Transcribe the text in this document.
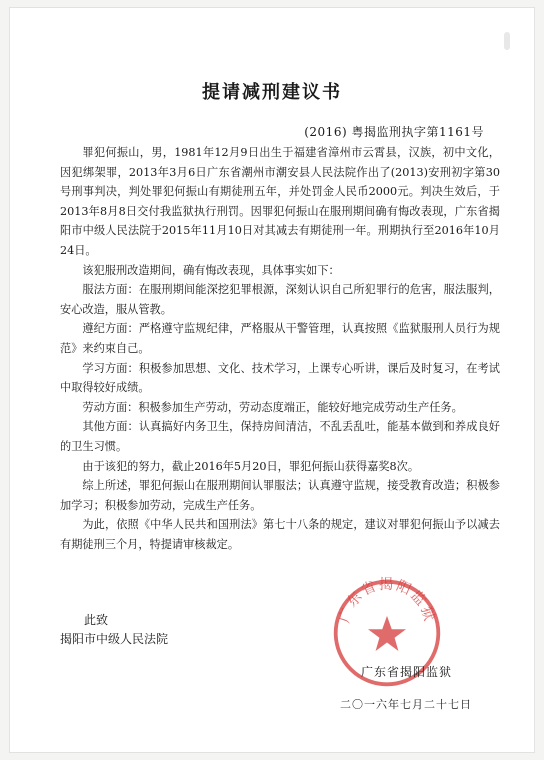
提请减刑建议书
(2016) 粤揭监刑执字第1161号

罪犯何振山，男，1981年12月9日出生于福建省漳州市云霄县，汉族，初中文化，因犯绑架罪，2013年3月6日广东省潮州市潮安县人民法院作出了(2013)安刑初字第30号刑事判决，判处罪犯何振山有期徒刑五年，并处罚金人民币2000元。判决生效后，于2013年8月8日交付我监狱执行刑罚。因罪犯何振山在服刑期间确有悔改表现，广东省揭阳市中级人民法院于2015年11月10日对其减去有期徒刑一年。刑期执行至2016年10月24日。

该犯服刑改造期间，确有悔改表现，具体事实如下：

服法方面：在服刑期间能深挖犯罪根源，深刻认识自己所犯罪行的危害，服法服判，安心改造，服从管教。

遵纪方面：严格遵守监规纪律，严格服从干警管理，认真按照《监狱服刑人员行为规范》来约束自己。

学习方面：积极参加思想、文化、技术学习，上课专心听讲，课后及时复习，在考试中取得较好成绩。

劳动方面：积极参加生产劳动，劳动态度端正，能较好地完成劳动生产任务。

其他方面：认真搞好内务卫生，保持房间清洁，不乱丢乱吐，能基本做到和养成良好的卫生习惯。

由于该犯的努力，截止2016年5月20日，罪犯何振山获得嘉奖8次。

综上所述，罪犯何振山在服刑期间认罪服法；认真遵守监规，接受教育改造；积极参加学习；积极参加劳动，完成生产任务。

为此，依照《中华人民共和国刑法》第七十八条的规定，建议对罪犯何振山予以减去有期徒刑三个月，特提请审核裁定。

此致
揭阳市中级人民法院
广东省揭阳监狱
广东省揭阳监狱
二〇一六年七月二十七日
